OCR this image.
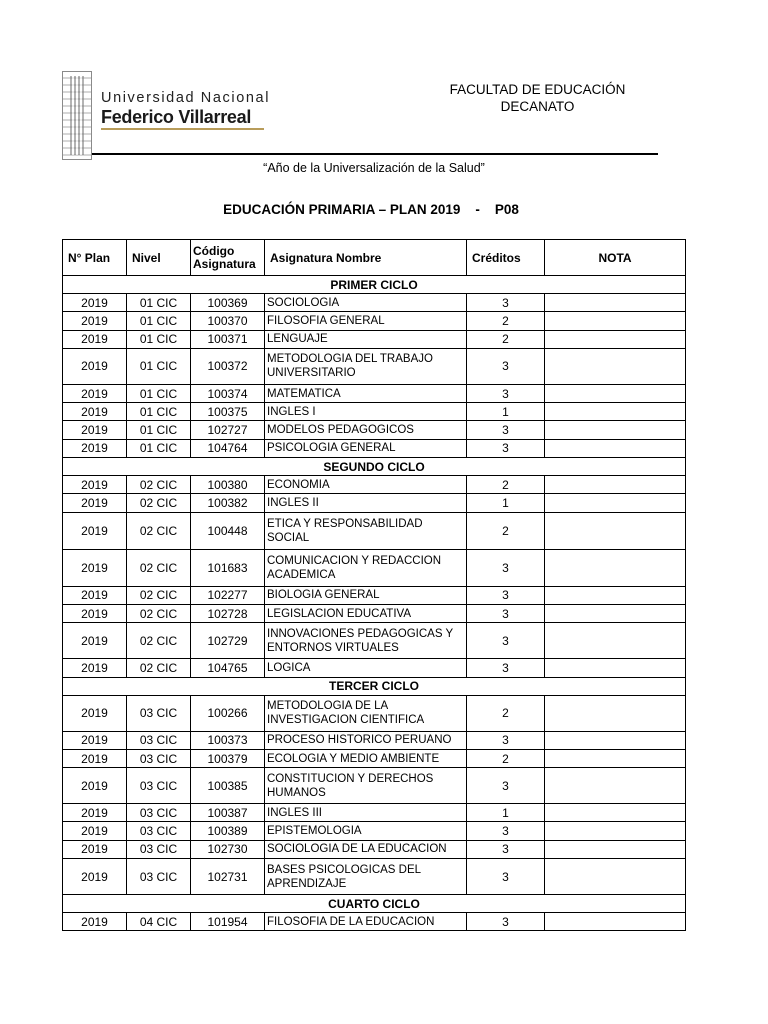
Universidad Nacional
Federico Villarreal
FACULTAD DE EDUCACIÓN
DECANATO
“Año de la Universalización de la Salud”
EDUCACIÓN PRIMARIA – PLAN 2019    -    P08
N° Plan	Nivel	Código Asignatura	Asignatura Nombre	Créditos	NOTA
PRIMER CICLO					
2019	01 CIC	100369	SOCIOLOGIA	3	
2019	01 CIC	100370	FILOSOFIA GENERAL	2	
2019	01 CIC	100371	LENGUAJE	2	
2019	01 CIC	100372	METODOLOGIA DEL TRABAJO UNIVERSITARIO	3	
2019	01 CIC	100374	MATEMATICA	3	
2019	01 CIC	100375	INGLES I	1	
2019	01 CIC	102727	MODELOS PEDAGOGICOS	3	
2019	01 CIC	104764	PSICOLOGIA GENERAL	3	
SEGUNDO CICLO					
2019	02 CIC	100380	ECONOMIA	2	
2019	02 CIC	100382	INGLES II	1	
2019	02 CIC	100448	ETICA Y RESPONSABILIDAD SOCIAL	2	
2019	02 CIC	101683	COMUNICACION Y REDACCION ACADEMICA	3	
2019	02 CIC	102277	BIOLOGIA GENERAL	3	
2019	02 CIC	102728	LEGISLACION EDUCATIVA	3	
2019	02 CIC	102729	INNOVACIONES PEDAGOGICAS Y ENTORNOS VIRTUALES	3	
2019	02 CIC	104765	LOGICA	3	
TERCER CICLO					
2019	03 CIC	100266	METODOLOGIA DE LA INVESTIGACION CIENTIFICA	2	
2019	03 CIC	100373	PROCESO HISTORICO PERUANO	3	
2019	03 CIC	100379	ECOLOGIA Y MEDIO AMBIENTE	2	
2019	03 CIC	100385	CONSTITUCION Y DERECHOS HUMANOS	3	
2019	03 CIC	100387	INGLES III	1	
2019	03 CIC	100389	EPISTEMOLOGIA	3	
2019	03 CIC	102730	SOCIOLOGIA DE LA EDUCACION	3	
2019	03 CIC	102731	BASES PSICOLOGICAS DEL APRENDIZAJE	3	
CUARTO CICLO					
2019	04 CIC	101954	FILOSOFIA DE LA EDUCACION	3	
